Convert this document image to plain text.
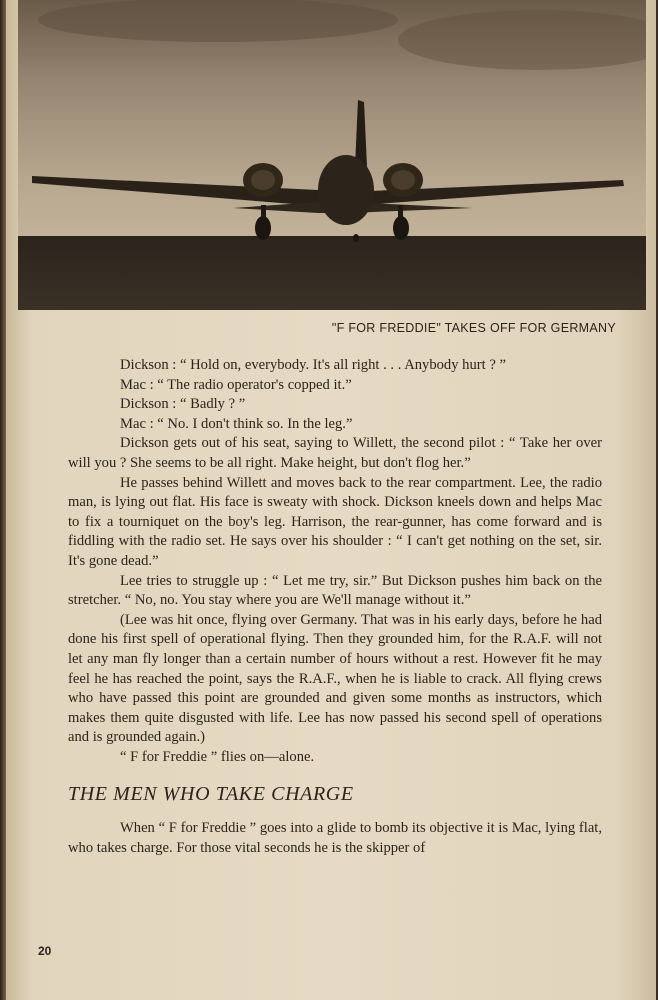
"F FOR FREDDIE" TAKES OFF FOR GERMANY

Dickson : “ Hold on, everybody. It's all right . . . Anybody hurt ? ”

Mac : “ The radio operator's copped it.”

Dickson : “ Badly ? ”

Mac : “ No. I don't think so. In the leg.”

Dickson gets out of his seat, saying to Willett, the second pilot : “ Take her over will you ? She seems to be all right. Make height, but don't flog her.”

He passes behind Willett and moves back to the rear compartment. Lee, the radio man, is lying out flat. His face is sweaty with shock. Dickson kneels down and helps Mac to fix a tourniquet on the boy's leg. Harrison, the rear-gunner, has come forward and is fiddling with the radio set. He says over his shoulder : “ I can't get nothing on the set, sir. It's gone dead.”

Lee tries to struggle up : “ Let me try, sir.” But Dickson pushes him back on the stretcher. “ No, no. You stay where you are We'll manage without it.”

(Lee was hit once, flying over Germany. That was in his early days, before he had done his first spell of operational flying. Then they grounded him, for the R.A.F. will not let any man fly longer than a certain number of hours without a rest. However fit he may feel he has reached the point, says the R.A.F., when he is liable to crack. All flying crews who have passed this point are grounded and given some months as instructors, which makes them quite disgusted with life. Lee has now passed his second spell of operations and is grounded again.)

“ F for Freddie ” flies on—alone.

THE MEN WHO TAKE CHARGE

When “ F for Freddie ” goes into a glide to bomb its objective it is Mac, lying flat, who takes charge. For those vital seconds he is the skipper of

20
